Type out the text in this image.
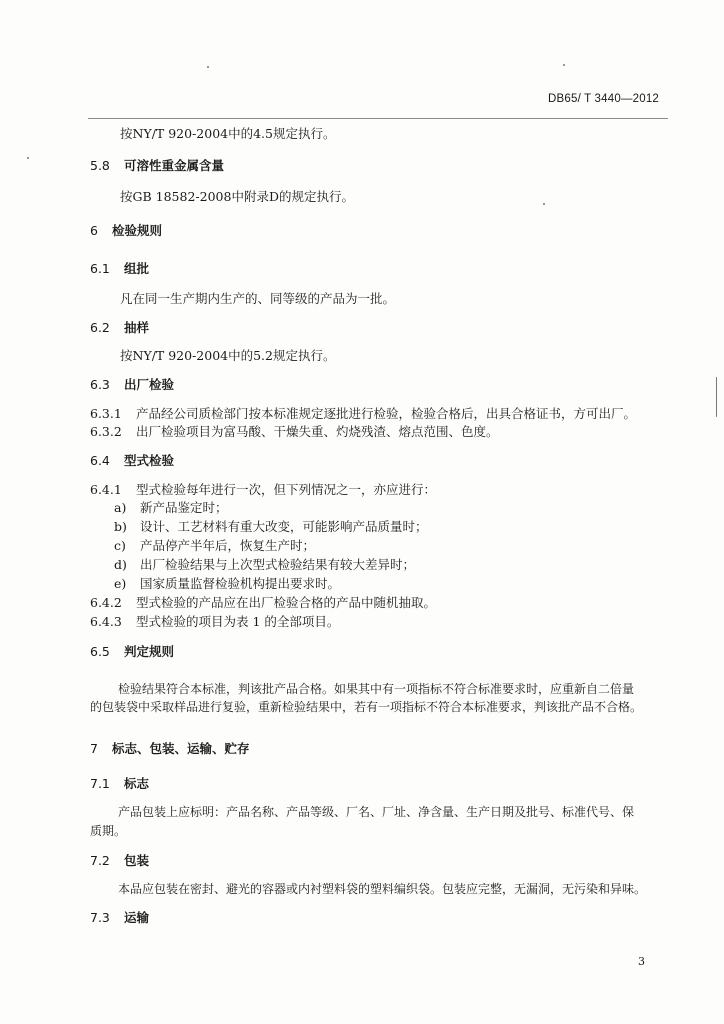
DB65/ T 3440—2012
按NY/T 920-2004中的4.5规定执行。
5.8 可溶性重金属含量
按GB 18582-2008中附录D的规定执行。
6 检验规则
6.1 组批
凡在同一生产期内生产的、同等级的产品为一批。
6.2 抽样
按NY/T 920-2004中的5.2规定执行。
6.3 出厂检验
6.3.1 产品经公司质检部门按本标准规定逐批进行检验，检验合格后，出具合格证书，方可出厂。
6.3.2 出厂检验项目为富马酸、干燥失重、灼烧残渣、熔点范围、色度。
6.4 型式检验
6.4.1 型式检验每年进行一次，但下列情况之一，亦应进行：
a) 新产品鉴定时；
b) 设计、工艺材料有重大改变，可能影响产品质量时；
c) 产品停产半年后，恢复生产时；
d) 出厂检验结果与上次型式检验结果有较大差异时；
e) 国家质量监督检验机构提出要求时。
6.4.2 型式检验的产品应在出厂检验合格的产品中随机抽取。
6.4.3 型式检验的项目为表 1 的全部项目。
6.5 判定规则
检验结果符合本标准，判该批产品合格。如果其中有一项指标不符合标准要求时，应重新自二倍量
的包装袋中采取样品进行复验，重新检验结果中，若有一项指标不符合本标准要求，判该批产品不合格。
7 标志、包装、运输、贮存
7.1 标志
产品包装上应标明：产品名称、产品等级、厂名、厂址、净含量、生产日期及批号、标准代号、保
质期。
7.2 包装
本品应包装在密封、避光的容器或内衬塑料袋的塑料编织袋。包装应完整，无漏洞，无污染和异味。
7.3 运输
3
